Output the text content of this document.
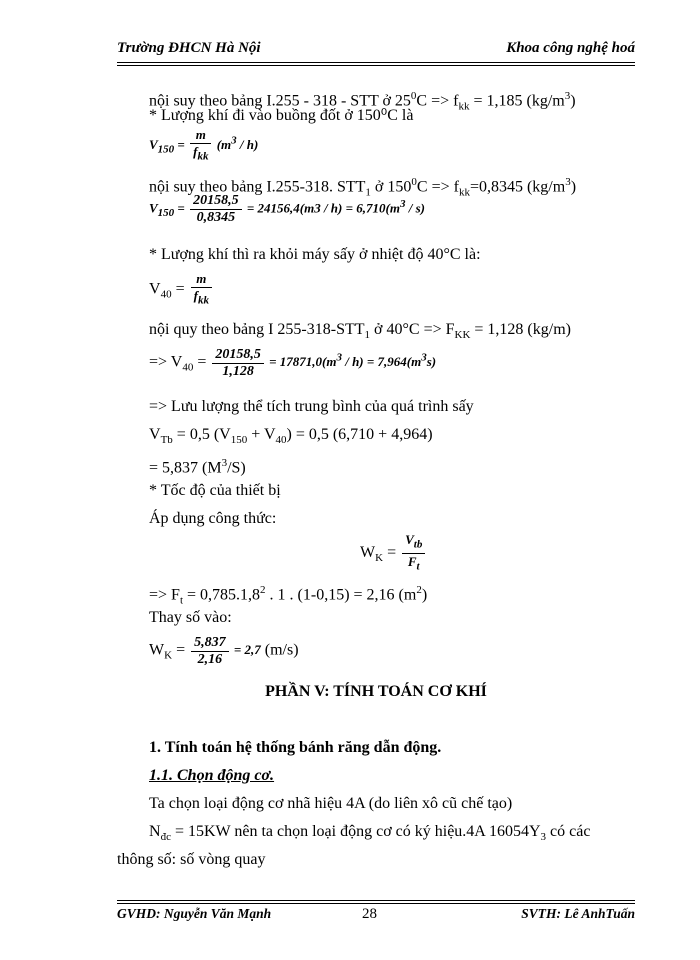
Trường ĐHCN Hà Nội	Khoa công nghệ hoá
nội suy theo bảng I.255 - 318 - STT ở $25^0C => f_{kk} = 1,185$ $(kg/m^3)$
* Lượng khí đi vào buồng đốt ở 150⁰C là
$V_{150} = \frac{m}{f_{kk}} (m^3 / h)$
nội suy theo bảng I.255-318. $STT_1$ ở $150^0C => f_{kk}=0,8345$ $(kg/m^3)$
$V_{150} = \frac{20158,5}{0,8345} = 24156,4(m3 / h) = 6,710(m^3 / s)$
* Lượng khí thì ra khỏi máy sấy ở nhiệt độ 40°C là:
$V_{40} = \frac{m}{f_{kk}}$
nội quy theo bảng I $255-318-STT_1$ ở $40^\circ C => F_{KK} = 1,128$ (kg/m)
=> $V_{40} = \frac{20158,5}{1,128} = 17871,0(m^3 / h) = 7,964(m^3s)$
=> Lưu lượng thể tích trung bình của quá trình sấy
$V_{Tb} = 0,5$ $(V_{150} + V_{40}) = 0,5$ (6,710 + 4,964)
= 5,837 $(M^3/S)$
* Tốc độ của thiết bị
Áp dụng công thức:
$W_K = \frac{V_{tb}}{F_t}$
=> $F_t = 0,785.1,8^2$ . 1 . (1-0,15) = 2,16 $(m^2)$
Thay số vào:
$W_K = \frac{5,837}{2,16} = 2,7$ (m/s)
PHẦN V: TÍNH TOÁN CƠ KHÍ
1. Tính toán hệ thống bánh răng dẫn động.
1.1. Chọn động cơ.
Ta chọn loại động cơ nhã hiệu 4A (do liên xô cũ chế tạo)
$N_{đc} = 15KW$ nên ta chọn loại động cơ có ký hiệu.4A $16054Y_3$ có các
thông số: số vòng quay
GVHD: Nguyễn Văn Mạnh	28	SVTH: Lê AnhTuấn
